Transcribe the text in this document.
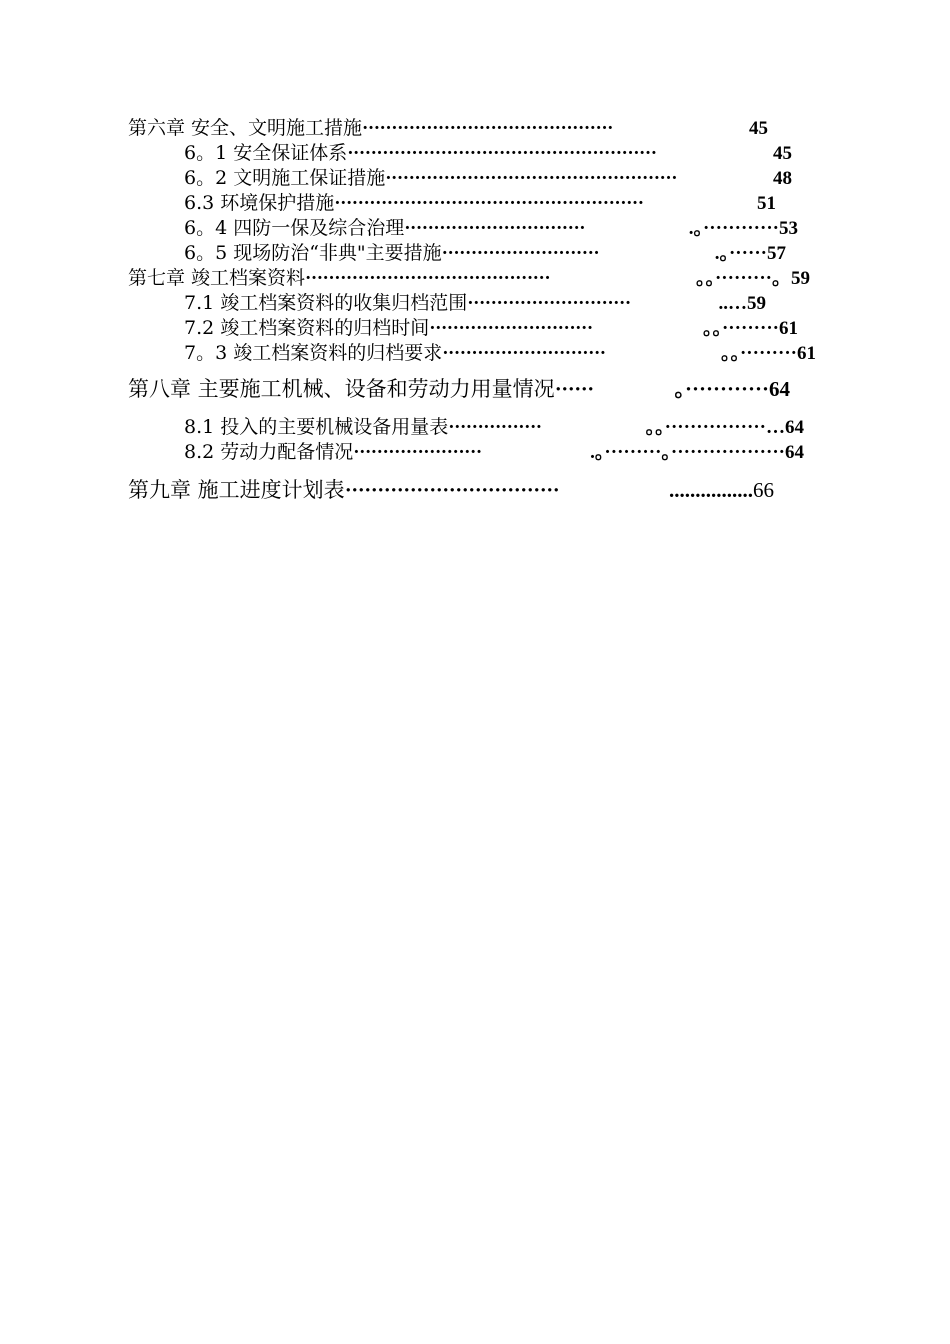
第六章 安全、文明施工措施 ···········································	45
6。1 安全保证体系 ·····················································	45
6。2 文明施工保证措施 ··················································	48
6.3 环境保护措施 ·····················································	51
6。4 四防一保及综合治理 ·······························	.。············ 53
6。5 现场防治“非典"主要措施 ···························	.。······ 57
第七章 竣工档案资料 ··········································	。。·········。 59
7.1 竣工档案资料的收集归档范围 ····························	..… 59
7.2 竣工档案资料的归档时间 ····························	。。········· 61
7。3 竣工档案资料的归档要求 ····························	。。········· 61
第八章 主要施工机械、设备和劳动力用量情况 ······	。············ 64
8.1 投入的主要机械设备用量表 ················	。。················… 64
8.2 劳动力配备情况 ······················	.。·········。·················· 64
第九章 施工进度计划表 ·································	................ 66
